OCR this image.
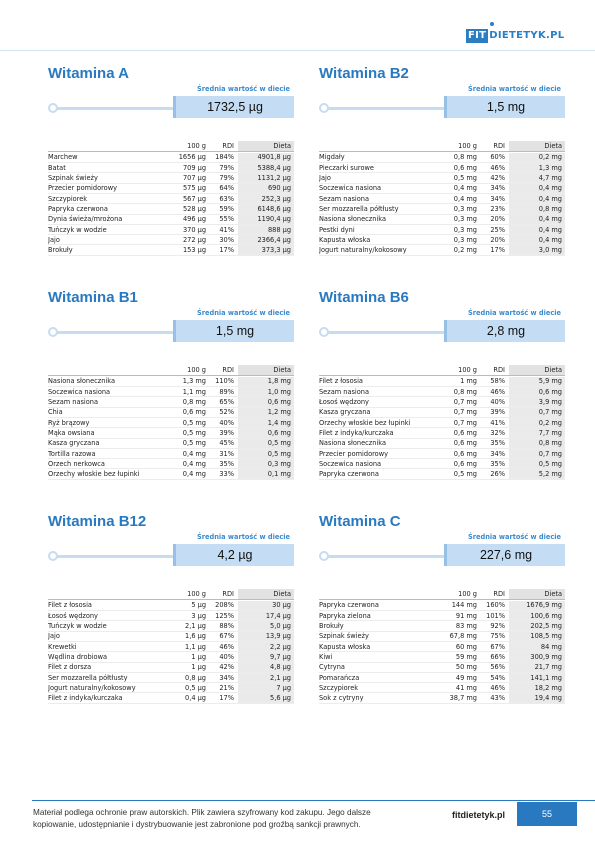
FIT DIETETYK.PL
Witamina A
Średnia wartość w diecie
1732,5 µg
100 g	RDI	Dieta
Marchew	1656 µg	184%	4901,8 µg
Batat	709 µg	79%	5388,4 µg
Szpinak świeży	707 µg	79%	1131,2 µg
Przecier pomidorowy	575 µg	64%	690 µg
Szczypiorek	567 µg	63%	252,3 µg
Papryka czerwona	528 µg	59%	6148,6 µg
Dynia świeża/mrożona	496 µg	55%	1190,4 µg
Tuńczyk w wodzie	370 µg	41%	888 µg
Jajo	272 µg	30%	2366,4 µg
Brokuły	153 µg	17%	373,3 µg
Witamina B2
Średnia wartość w diecie
1,5 mg
100 g	RDI	Dieta
Migdały	0,8 mg	60%	0,2 mg
Pieczarki surowe	0,6 mg	46%	1,3 mg
Jajo	0,5 mg	42%	4,7 mg
Soczewica nasiona	0,4 mg	34%	0,4 mg
Sezam nasiona	0,4 mg	34%	0,4 mg
Ser mozzarella półtłusty	0,3 mg	23%	0,8 mg
Nasiona słonecznika	0,3 mg	20%	0,4 mg
Pestki dyni	0,3 mg	25%	0,4 mg
Kapusta włoska	0,3 mg	20%	0,4 mg
Jogurt naturalny/kokosowy	0,2 mg	17%	3,0 mg
Witamina B1
Średnia wartość w diecie
1,5 mg
100 g	RDI	Dieta
Nasiona słonecznika	1,3 mg	110%	1,8 mg
Soczewica nasiona	1,1 mg	89%	1,0 mg
Sezam nasiona	0,8 mg	65%	0,6 mg
Chia	0,6 mg	52%	1,2 mg
Ryż brązowy	0,5 mg	40%	1,4 mg
Mąka owsiana	0,5 mg	39%	0,6 mg
Kasza gryczana	0,5 mg	45%	0,5 mg
Tortilla razowa	0,4 mg	31%	0,5 mg
Orzech nerkowca	0,4 mg	35%	0,3 mg
Orzechy włoskie bez łupinki	0,4 mg	33%	0,1 mg
Witamina B6
Średnia wartość w diecie
2,8 mg
100 g	RDI	Dieta
Filet z łososia	1 mg	58%	5,9 mg
Sezam nasiona	0,8 mg	46%	0,6 mg
Łosoś wędzony	0,7 mg	40%	3,9 mg
Kasza gryczana	0,7 mg	39%	0,7 mg
Orzechy włoskie bez łupinki	0,7 mg	41%	0,2 mg
Filet z indyka/kurczaka	0,6 mg	32%	7,7 mg
Nasiona słonecznika	0,6 mg	35%	0,8 mg
Przecier pomidorowy	0,6 mg	34%	0,7 mg
Soczewica nasiona	0,6 mg	35%	0,5 mg
Papryka czerwona	0,5 mg	26%	5,2 mg
Witamina B12
Średnia wartość w diecie
4,2 µg
100 g	RDI	Dieta
Filet z łososia	5 µg	208%	30 µg
Łosoś wędzony	3 µg	125%	17,4 µg
Tuńczyk w wodzie	2,1 µg	88%	5,0 µg
Jajo	1,6 µg	67%	13,9 µg
Krewetki	1,1 µg	46%	2,2 µg
Wędlina drobiowa	1 µg	40%	9,7 µg
Filet z dorsza	1 µg	42%	4,8 µg
Ser mozzarella półtłusty	0,8 µg	34%	2,1 µg
Jogurt naturalny/kokosowy	0,5 µg	21%	7 µg
Filet z indyka/kurczaka	0,4 µg	17%	5,6 µg
Witamina C
Średnia wartość w diecie
227,6 mg
100 g	RDI	Dieta
Papryka czerwona	144 mg	160%	1676,9 mg
Papryka zielona	91 mg	101%	100,6 mg
Brokuły	83 mg	92%	202,5 mg
Szpinak świeży	67,8 mg	75%	108,5 mg
Kapusta włoska	60 mg	67%	84 mg
Kiwi	59 mg	66%	300,9 mg
Cytryna	50 mg	56%	21,7 mg
Pomarańcza	49 mg	54%	141,1 mg
Szczypiorek	41 mg	46%	18,2 mg
Sok z cytryny	38,7 mg	43%	19,4 mg
Materiał podlega ochronie praw autorskich. Plik zawiera szyfrowany kod zakupu. Jego dalsze kopiowanie, udostępnianie i dystrybuowanie jest zabronione pod groźbą sankcji prawnych.
fitdietetyk.pl	55
